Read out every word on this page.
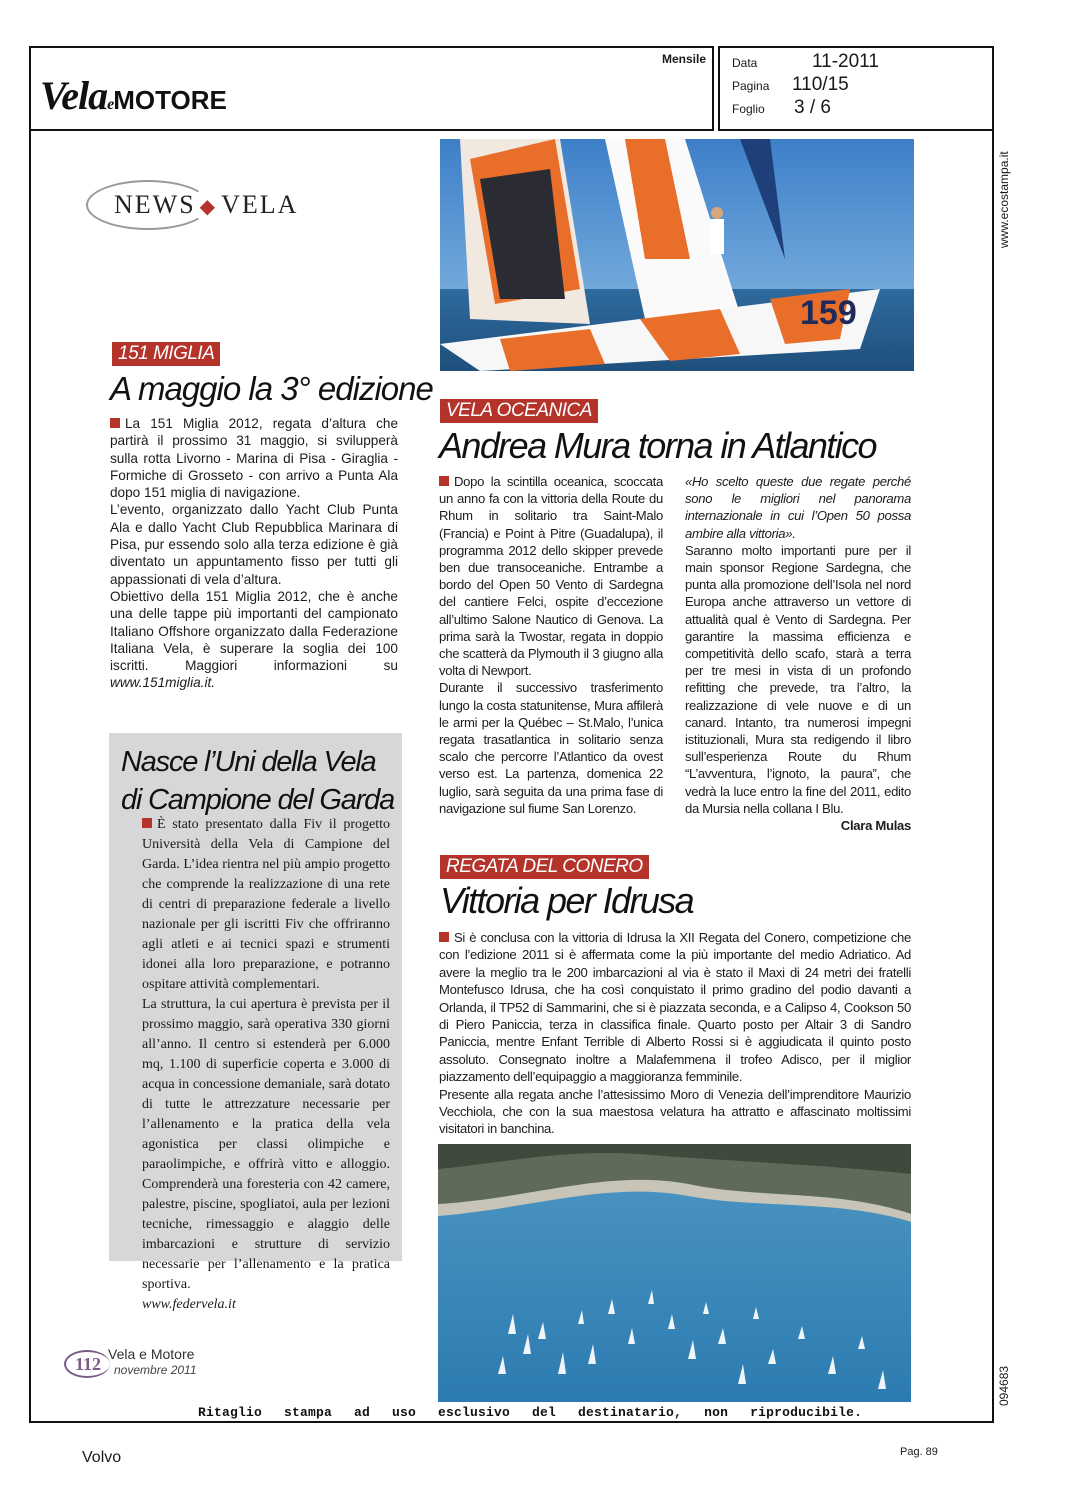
Mensile
VelaeMOTORE
Data	11-2011
Pagina 110/15
Foglio 3 / 6
www.ecostampa.it
094683
NEWS ◆ VELA
151 MIGLIA
A maggio la 3° edizione

La 151 Miglia 2012, regata d’altura che partirà il prossimo 31 maggio, si svilupperà sulla rotta Livorno - Marina di Pisa - Giraglia - Formiche di Grosseto - con arrivo a Punta Ala dopo 151 miglia di navigazione.

L’evento, organizzato dallo Yacht Club Punta Ala e dallo Yacht Club Repubblica Marinara di Pisa, pur essendo solo alla terza edizione è già diventato un appuntamento fisso per tutti gli appassionati di vela d’altura.

Obiettivo della 151 Miglia 2012, che è anche una delle tappe più importanti del campionato Italiano Offshore organizzato dalla Federazione Italiana Vela, è superare la soglia dei 100 iscritti. Maggiori informazioni su www.151miglia.it.

Nasce l’Uni della Vela
di Campione del Garda

È stato presentato dalla Fiv il progetto Università della Vela di Campione del Garda. L’idea rientra nel più ampio progetto che comprende la realizzazione di una rete di centri di preparazione federale a livello nazionale per gli iscritti Fiv che offriranno agli atleti e ai tecnici spazi e strumenti idonei alla loro preparazione, e potranno ospitare attività complementari.

La struttura, la cui apertura è prevista per il prossimo maggio, sarà operativa 330 giorni all’anno. Il centro si estenderà per 6.000 mq, 1.100 di superficie coperta e 3.000 di acqua in concessione demaniale, sarà dotato di tutte le attrezzature necessarie per l’allenamento e la pratica della vela agonistica per classi olimpiche e paraolimpiche, e offrirà vitto e alloggio. Comprenderà una foresteria con 42 camere, palestre, piscine, spogliatoi, aula per lezioni tecniche, rimessaggio e alaggio delle imbarcazioni e strutture di servizio necessarie per l’allenamento e la pratica sportiva.

www.federvela.it

159
VELA OCEANICA
Andrea Mura torna in Atlantico

Dopo la scintilla oceanica, scoccata un anno fa con la vittoria della Route du Rhum in solitario tra Saint-Malo (Francia) e Point à Pitre (Guadalupa), il programma 2012 dello skipper prevede ben due transoceaniche. Entrambe a bordo del Open 50 Vento di Sardegna del cantiere Felci, ospite d’eccezione all’ultimo Salone Nautico di Genova. La prima sarà la Twostar, regata in doppio che scatterà da Plymouth il 3 giugno alla volta di Newport.

Durante il successivo trasferimento lungo la costa statunitense, Mura affilerà le armi per la Québec – St.Malo, l’unica regata trasatlantica in solitario senza scalo che percorre l’Atlantico da ovest verso est. La partenza, domenica 22 luglio, sarà seguita da una prima fase di navigazione sul fiume San Lorenzo.

«Ho scelto queste due regate perché sono le migliori nel panorama internazionale in cui l’Open 50 possa ambire alla vittoria».

Saranno molto importanti pure per il main sponsor Regione Sardegna, che punta alla promozione dell’Isola nel nord Europa anche attraverso un vettore di attualità qual è Vento di Sardegna. Per garantire la massima efficienza e competitività dello scafo, starà a terra per tre mesi in vista di un profondo refitting che prevede, tra l’altro, la realizzazione di vele nuove e di un canard. Intanto, tra numerosi impegni istituzionali, Mura sta redigendo il libro sull’esperienza Route du Rhum “L’avventura, l’ignoto, la paura”, che vedrà la luce entro la fine del 2011, edito da Mursia nella collana I Blu.

Clara Mulas

REGATA DEL CONERO
Vittoria per Idrusa

Si è conclusa con la vittoria di Idrusa la XII Regata del Conero, competizione che con l’edizione 2011 si è affermata come la più importante del medio Adriatico. Ad avere la meglio tra le 200 imbarcazioni al via è stato il Maxi di 24 metri dei fratelli Montefusco Idrusa, che ha così conquistato il primo gradino del podio davanti a Orlanda, il TP52 di Sammarini, che si è piazzata seconda, e a Calipso 4, Cookson 50 di Piero Paniccia, terza in classifica finale. Quarto posto per Altair 3 di Sandro Paniccia, mentre Enfant Terrible di Alberto Rossi si è aggiudicata il quinto posto assoluto. Consegnato inoltre a Malafemmena il trofeo Adisco, per il miglior piazzamento dell’equipaggio a maggioranza femminile.

Presente alla regata anche l’attesissimo Moro di Venezia dell’imprenditore Maurizio Vecchiola, che con la sua maestosa velatura ha attratto e affascinato moltissimi visitatori in banchina.

112 Vela e Motore
novembre 2011
Ritaglio stampa ad uso esclusivo del destinatario, non riproducibile.
Volvo	Pag. 89
